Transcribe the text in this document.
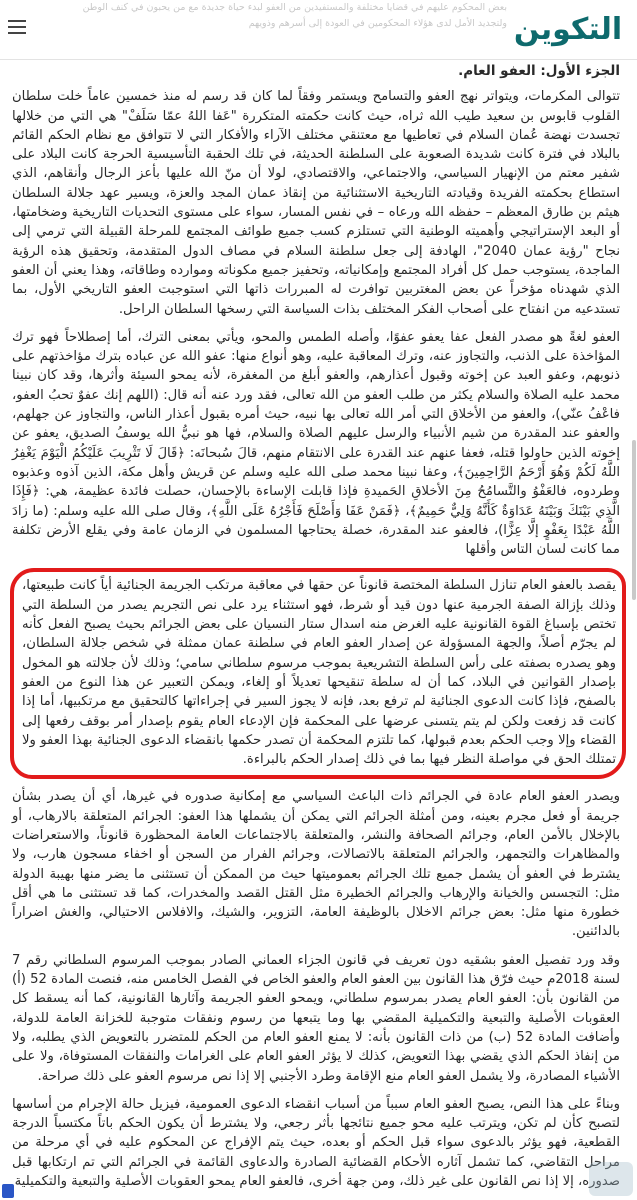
بعض المحكوم عليهم في قضايا مختلفة والمستفيدين من العفو لبدء حياة جديدة مع من يحبون في كنف الوطن
ولتجديد الأمل لدى هؤلاء المحكومين في العودة إلى أسرهم وذويهم التكوين
الجزء الأول: العفو العام.

تتوالى المكرمات، ويتواتر نهج العفو والتسامح ويستمر وفقاً لما كان قد رسم له منذ خمسين عاماً خلت سلطان القلوب قابوس بن سعيد طيب الله ثراه، حيث كانت حكمته المتكررة "عَفا اللهُ عمّا سَلَفْ" هي التي من خلالها تجسدت نهضة عُمان السلام في تعاطيها مع معتنقي مختلف الآراء والأفكار التي لا تتوافق مع نظام الحكم القائم بالبلاد في فترة كانت شديدة الصعوبة على السلطنة الحديثة، في تلك الحقبة التأسيسية الحرجة كانت البلاد على شفير معتم من الإنهيار السياسي، والاجتماعي، والاقتصادي، لولا أن منّ الله عليها بأعز الرجال وأنقاهم، الذي استطاع بحكمته الفريدة وقيادته التاريخية الاستثنائية من إنقاذ عمان المجد والعزة، ويسير عهد جلالة السلطان هيثم بن طارق المعظم – حفظه الله ورعاه – في نفس المسار، سواء على مستوى التحديات التاريخية وضخامتها، أو البعد الإستراتيجي وأهميته الوطنية التي تستلزم كسب جميع طوائف المجتمع للمرحلة القبيلة التي ترمي إلى نجاح "رؤية عمان 2040"، الهادفة إلى جعل سلطنة السلام في مصاف الدول المتقدمة، وتحقيق هذه الرؤية الماجدة، يستوجب حمل كل أفراد المجتمع وإمكانياته، وتحفيز جميع مكوناته وموارده وطاقاته، وهذا يعني أن العفو الذي شهدناه مؤخراً عن بعض المغتربين توافرت له المبررات ذاتها التي استوجبت العفو التاريخي الأول، بما تستدعيه من انفتاح على أصحاب الفكر المختلف بذات السياسة التي رسخها السلطان الراحل.

العفو لغةً هو مصدر الفعل عفا يعفو عفوًا، وأصله الطمس والمحو، ويأتي بمعنى الترك، أما إصطلاحاً فهو ترك المؤاخذة على الذنب، والتجاوز عنه، وترك المعاقبة عليه، وهو أنواع منها: عفو الله عن عباده بترك مؤاخذتهم على ذنوبهم، وعفو العبد عن إخوته وقبول أعذارهم، والعفو أبلغ من المغفرة، لأنه يمحو السيئة وأثرها، وقد كان نبينا محمد عليه الصلاة والسلام يكثر من طلب العفو من الله تعالى، فقد ورد عنه أنه قال: (اللهم إنك عفوٌ تحبُ العفو، فاعْفُ عنّي)، والعفو من الأخلاق التي أمر الله تعالى بها نبيه، حيث أمره بقبول أعذار الناس، والتجاوز عن جهلهم، والعفو عند المقدرة من شيم الأنبياء والرسل عليهم الصلاة والسلام، فها هو نبيُّ الله يوسفُ الصديق، يعفو عن إخوته الذين حاولوا قتله، فعفا عنهم عند القدرة على الانتقام منهم، قالَ سُبحانَه: ﴿قَالَ لَا تَثْرِيبَ عَلَيْكُمُ الْيَوْمَ يَغْفِرُ اللَّهُ لَكُمْ وَهُوَ أَرْحَمُ الرَّاحِمِينَ﴾، وعفا نبينا محمد صلى الله عليه وسلم عن قريش وأهل مكة، الذين آذوه وعذبوه وطردوه، فالعَفْوُ والتَّسامُحُ مِنَ الأخلاقِ الحَميدةِ فإذا قابلت الإساءة بالإحسان، حصلت فائدة عظيمة، هي: ﴿فَإِذَا الَّذِي بَيْنَكَ وَبَيْنَهُ عَدَاوَةٌ كَأَنَّهُ وَلِيٌّ حَمِيمٌ﴾، ﴿فَمَنْ عَفَا وَأَصْلَحَ فَأَجْرُهُ عَلَى اللَّهِ﴾، وقال صلى الله عليه وسلم: (ما زادَ اللَّهُ عَبْدًا بِعَفْوٍ إلَّا عِزًّا)، فالعفو عند المقدرة، خصلة يحتاجها المسلمون في الزمان عامة وفي يقلع الأرض تكلفة مما كانت لسان التاس وأقلها

يقصد بالعفو العام تنازل السلطة المختصة قانوناً عن حقها في معاقبة مرتكب الجريمة الجنائية أياً كانت طبيعتها، وذلك بإزالة الصفة الجرمية عنها دون قيد أو شرط، فهو استثناء يرد على نص التجريم يصدر من السلطة التي تختص بإسباغ القوة القانونية عليه الغرض منه اسدال ستار النسيان على بعض الجرائم بحيث يصبح الفعل كأنه لم يجرّم أصلاً، والجهة المسؤولة عن إصدار العفو العام في سلطنة عمان ممثلة في شخص جلالة السلطان، وهو يصدره بصفته على رأس السلطة التشريعية بموجب مرسوم سلطاني سامي؛ وذلك لأن جلالته هو المخول بإصدار القوانين في البلاد، كما أن له سلطة تنقيحها تعديلاً أو إلغاء، ويمكن التعبير عن هذا النوع من العفو بالصفح، فإذا كانت الدعوى الجنائية لم ترفع بعد، فإنه لا يجوز السير في إجراءاتها كالتحقيق مع مرتكبيها، أما إذا كانت قد زفعت ولكن لم يتم يتسنى عرضها على المحكمة فإن الإدعاء العام يقوم بإصدار أمر بوقف رفعها إلى القضاء وإلا وجب الحكم بعدم قبولها، كما تلتزم المحكمة أن تصدر حكمها بانقضاء الدعوى الجنائية بهذا العفو ولا تمتلك الحق في مواصلة النظر فيها بما في ذلك إصدار الحكم بالبراءة.

ويصدر العفو العام عادة في الجرائم ذات الباعث السياسي مع إمكانية صدوره في غيرها، أي أن يصدر بشأن جريمة أو فعل مجرم بعينه، ومن أمثلة الجرائم التي يمكن أن يشملها هذا العفو: الجرائم المتعلقة بالارهاب، أو بالإخلال بالأمن العام، وجرائم الصحافة والنشر، والمتعلقة بالاجتماعات العامة المحظورة قانوناً، والاستعراضات والمظاهرات والتجمهر، والجرائم المتعلقة بالاتصالات، وجرائم الفرار من السجن أو اخفاء مسجون هارب، ولا يشترط في العفو أن يشمل جميع تلك الجرائم بعموميتها حيث من الممكن أن تستثنى ما يضر منها بهيبة الدولة مثل: التجسس والخيانة والإرهاب والجرائم الخطيرة مثل القتل القصد والمخدرات، كما قد تستثنى ما هي أقل خطورة منها مثل: بعض جرائم الاخلال بالوظيفة العامة، التزوير، والشيك، والافلاس الاحتيالي، والغش اضراراً بالدائنين.

وقد ورد تفصيل العفو بشقيه دون تعريف في قانون الجزاء العماني الصادر بموجب المرسوم السلطاني رقم 7 لسنة 2018م حيث فرّق هذا القانون بين العفو العام والعفو الخاص في الفصل الخامس منه، فنصت المادة 52 (أ) من القانون بأن: العفو العام يصدر بمرسوم سلطاني، ويمحو العفو الجريمة وآثارها القانونية، كما أنه يسقط كل العقوبات الأصلية والتبعية والتكميلية المقضي بها وما يتبعها من رسوم ونفقات متوجبة للخزانة العامة للدولة، وأضافت المادة 52 (ب) من ذات القانون بأنه: لا يمنع العفو العام من الحكم للمتضرر بالتعويض الذي يطلبه، ولا من إنفاذ الحكم الذي يقضي بهذا التعويض، كذلك لا يؤثر العفو العام على الغرامات والنفقات المستوفاة، ولا على الأشياء المصادرة، ولا يشمل العفو العام منع الإقامة وطرد الأجنبي إلا إذا نص مرسوم العفو على ذلك صراحة.

وبناءً على هذا النص، يصبح العفو العام سبباً من أسباب انقضاء الدعوى العمومية، فيزيل حالة الإجرام من أساسها لتصبح كأن لم تكن، ويترتب عليه محو جميع نتائجها بأثر رجعي، ولا يشترط أن يكون الحكم باتاً مكتسباً الدرجة القطعية، فهو يؤثر بالدعوى سواء قبل الحكم أو بعده، حيث يتم الإفراج عن المحكوم عليه في أي مرحلة من مراحل التقاضي، كما تشمل آثاره الأحكام القضائية الصادرة والدعاوى القائمة في الجرائم التي تم ارتكابها قبل صدوره، إلا إذا نص القانون على غير ذلك، ومن جهة أخرى، فالعفو العام يمحو العقوبات الأصلية والتبعية والتكميلية
